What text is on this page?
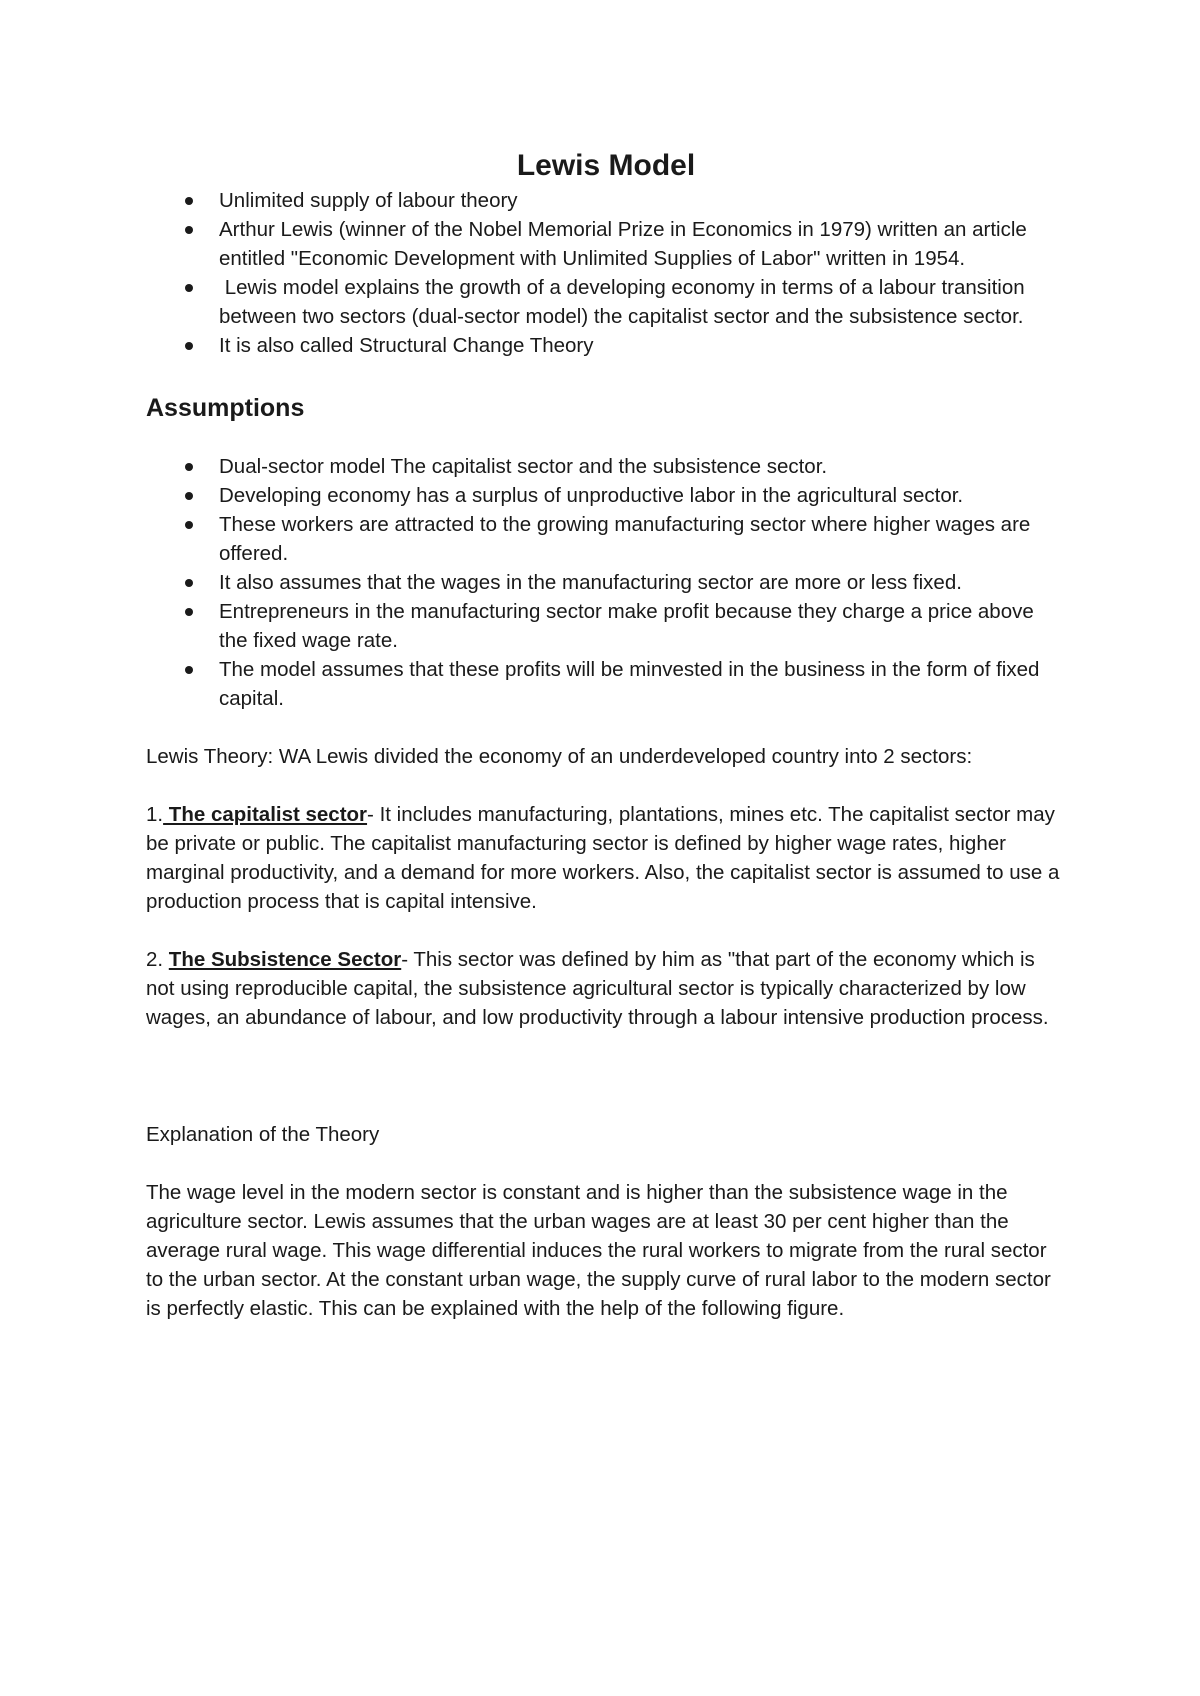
Lewis Model
Unlimited supply of labour theory
Arthur Lewis (winner of the Nobel Memorial Prize in Economics in 1979) written an article entitled "Economic Development with Unlimited Supplies of Labor" written in 1954.
Lewis model explains the growth of a developing economy in terms of a labour transition between two sectors (dual-sector model) the capitalist sector and the subsistence sector.
It is also called Structural Change Theory
Assumptions
Dual-sector model The capitalist sector and the subsistence sector.
Developing economy has a surplus of unproductive labor in the agricultural sector.
These workers are attracted to the growing manufacturing sector where higher wages are offered.
It also assumes that the wages in the manufacturing sector are more or less fixed.
Entrepreneurs in the manufacturing sector make profit because they charge a price above the fixed wage rate.
The model assumes that these profits will be minvested in the business in the form of fixed capital.

Lewis Theory: WA Lewis divided the economy of an underdeveloped country into 2 sectors:

1. The capitalist sector- It includes manufacturing, plantations, mines etc. The capitalist sector may be private or public. The capitalist manufacturing sector is defined by higher wage rates, higher marginal productivity, and a demand for more workers. Also, the capitalist sector is assumed to use a production process that is capital intensive.

2. The Subsistence Sector- This sector was defined by him as "that part of the economy which is not using reproducible capital, the subsistence agricultural sector is typically characterized by low wages, an abundance of labour, and low productivity through a labour intensive production process.

Explanation of the Theory

The wage level in the modern sector is constant and is higher than the subsistence wage in the agriculture sector. Lewis assumes that the urban wages are at least 30 per cent higher than the average rural wage. This wage differential induces the rural workers to migrate from the rural sector to the urban sector. At the constant urban wage, the supply curve of rural labor to the modern sector is perfectly elastic. This can be explained with the help of the following figure.
